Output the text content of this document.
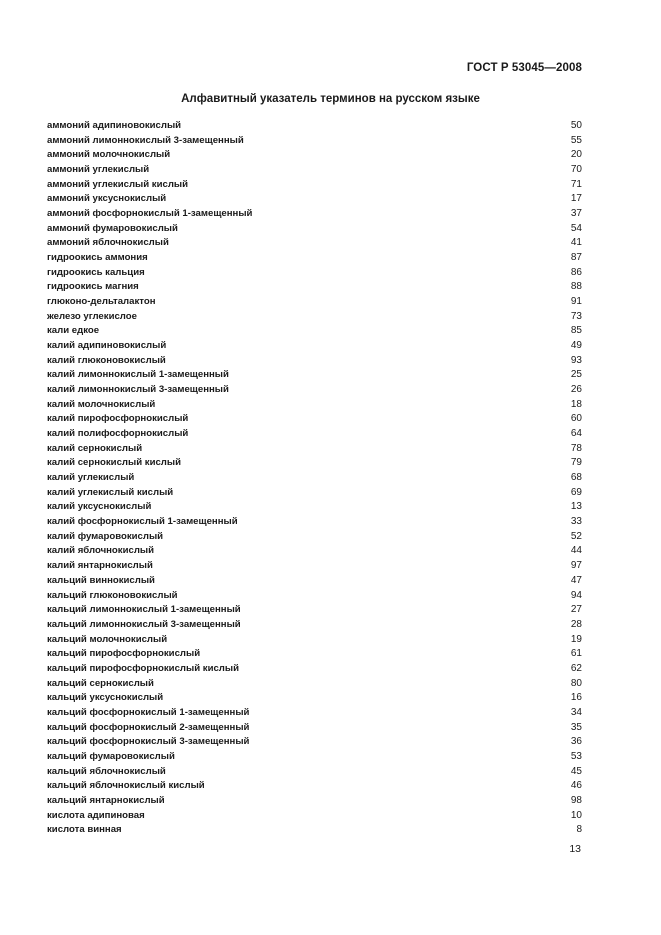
ГОСТ Р 53045—2008
Алфавитный указатель терминов на русском языке
аммоний адипиновокислый	50
аммоний лимоннокислый 3-замещенный	55
аммоний молочнокислый	20
аммоний углекислый	70
аммоний углекислый кислый	71
аммоний уксуснокислый	17
аммоний фосфорнокислый 1-замещенный	37
аммоний фумаровокислый	54
аммоний яблочнокислый	41
гидроокись аммония	87
гидроокись кальция	86
гидроокись магния	88
глюконо-дельталактон	91
железо углекислое	73
кали едкое	85
калий адипиновокислый	49
калий глюконовокислый	93
калий лимоннокислый 1-замещенный	25
калий лимоннокислый 3-замещенный	26
калий молочнокислый	18
калий пирофосфорнокислый	60
калий полифосфорнокислый	64
калий сернокислый	78
калий сернокислый кислый	79
калий углекислый	68
калий углекислый кислый	69
калий уксуснокислый	13
калий фосфорнокислый 1-замещенный	33
калий фумаровокислый	52
калий яблочнокислый	44
калий янтарнокислый	97
кальций виннокислый	47
кальций глюконовокислый	94
кальций лимоннокислый 1-замещенный	27
кальций лимоннокислый 3-замещенный	28
кальций молочнокислый	19
кальций пирофосфорнокислый	61
кальций пирофосфорнокислый кислый	62
кальций сернокислый	80
кальций уксуснокислый	16
кальций фосфорнокислый 1-замещенный	34
кальций фосфорнокислый 2-замещенный	35
кальций фосфорнокислый 3-замещенный	36
кальций фумаровокислый	53
кальций яблочнокислый	45
кальций яблочнокислый кислый	46
кальций янтарнокислый	98
кислота адипиновая	10
кислота винная	8
13
